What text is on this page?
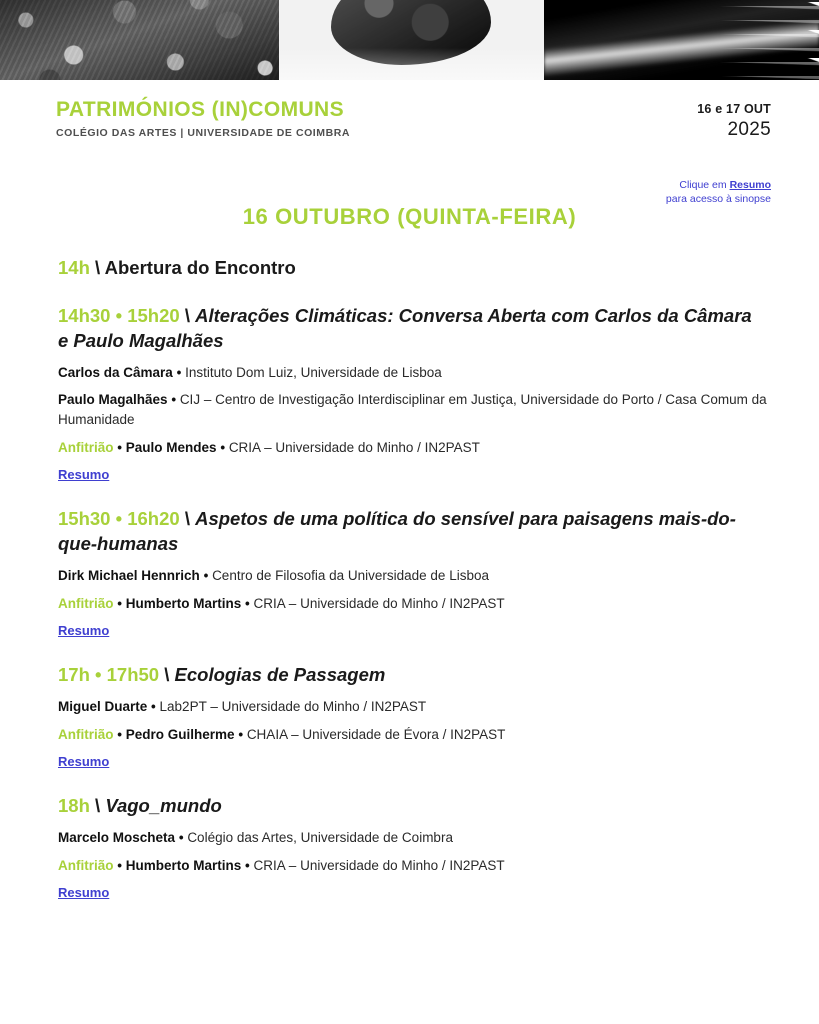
PATRIMÓNIOS (IN)COMUNS

COLÉGIO DAS ARTES | UNIVERSIDADE DE COIMBRA

16 e 17 OUT
2025
Clique em Resumo
para acesso à sinopse
16 OUTUBRO (QUINTA-FEIRA)

14h \ Abertura do Encontro

14h30 • 15h20 \ Alterações Climáticas: Conversa Aberta com Carlos da Câmara e Paulo Magalhães

Carlos da Câmara • Instituto Dom Luiz, Universidade de Lisboa

Paulo Magalhães • CIJ – Centro de Investigação Interdisciplinar em Justiça, Universidade do Porto / Casa Comum da Humanidade

Anfitrião • Paulo Mendes • CRIA – Universidade do Minho / IN2PAST

Resumo

15h30 • 16h20 \ Aspetos de uma política do sensível para paisagens mais-do-que-humanas

Dirk Michael Hennrich • Centro de Filosofia da Universidade de Lisboa

Anfitrião • Humberto Martins • CRIA – Universidade do Minho / IN2PAST

Resumo

17h • 17h50 \ Ecologias de Passagem

Miguel Duarte • Lab2PT – Universidade do Minho / IN2PAST

Anfitrião • Pedro Guilherme • CHAIA – Universidade de Évora / IN2PAST

Resumo

18h \ Vago_mundo

Marcelo Moscheta • Colégio das Artes, Universidade de Coimbra

Anfitrião • Humberto Martins • CRIA – Universidade do Minho / IN2PAST

Resumo
